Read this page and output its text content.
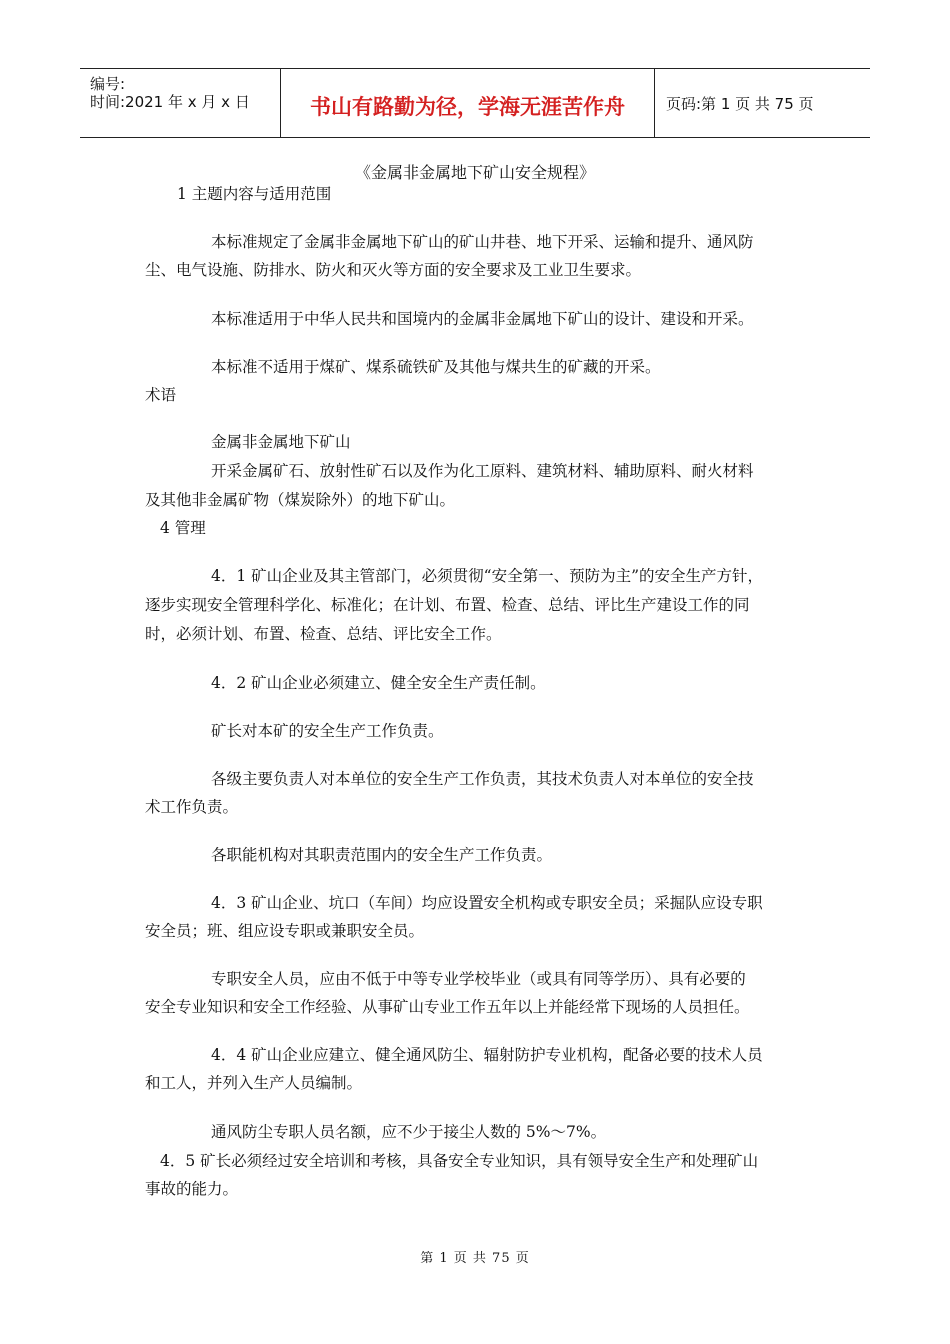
编号:
时间:2021 年 x 月 x 日	书山有路勤为径，学海无涯苦作舟	页码:第 1 页 共 75 页
《金属非金属地下矿山安全规程》
1 主题内容与适用范围
本标准规定了金属非金属地下矿山的矿山井巷、地下开采、运输和提升、通风防
尘、电气设施、防排水、防火和灭火等方面的安全要求及工业卫生要求。
本标准适用于中华人民共和国境内的金属非金属地下矿山的设计、建设和开采。
本标准不适用于煤矿、煤系硫铁矿及其他与煤共生的矿藏的开采。
术语
金属非金属地下矿山
开采金属矿石、放射性矿石以及作为化工原料、建筑材料、辅助原料、耐火材料
及其他非金属矿物（煤炭除外）的地下矿山。
4 管理
4．1 矿山企业及其主管部门，必须贯彻“安全第一、预防为主”的安全生产方针，
逐步实现安全管理科学化、标准化；在计划、布置、检查、总结、评比生产建设工作的同
时，必须计划、布置、检查、总结、评比安全工作。
4．2 矿山企业必须建立、健全安全生产责任制。
矿长对本矿的安全生产工作负责。
各级主要负责人对本单位的安全生产工作负责，其技术负责人对本单位的安全技
术工作负责。
各职能机构对其职责范围内的安全生产工作负责。
4．3 矿山企业、坑口（车间）均应设置安全机构或专职安全员；采掘队应设专职
安全员；班、组应设专职或兼职安全员。
专职安全人员，应由不低于中等专业学校毕业（或具有同等学历）、具有必要的
安全专业知识和安全工作经验、从事矿山专业工作五年以上并能经常下现场的人员担任。
4．4 矿山企业应建立、健全通风防尘、辐射防护专业机构，配备必要的技术人员
和工人，并列入生产人员编制。
通风防尘专职人员名额，应不少于接尘人数的 5%～7%。
4．5 矿长必须经过安全培训和考核，具备安全专业知识，具有领导安全生产和处理矿山
事故的能力。
第 1 页 共 75 页
